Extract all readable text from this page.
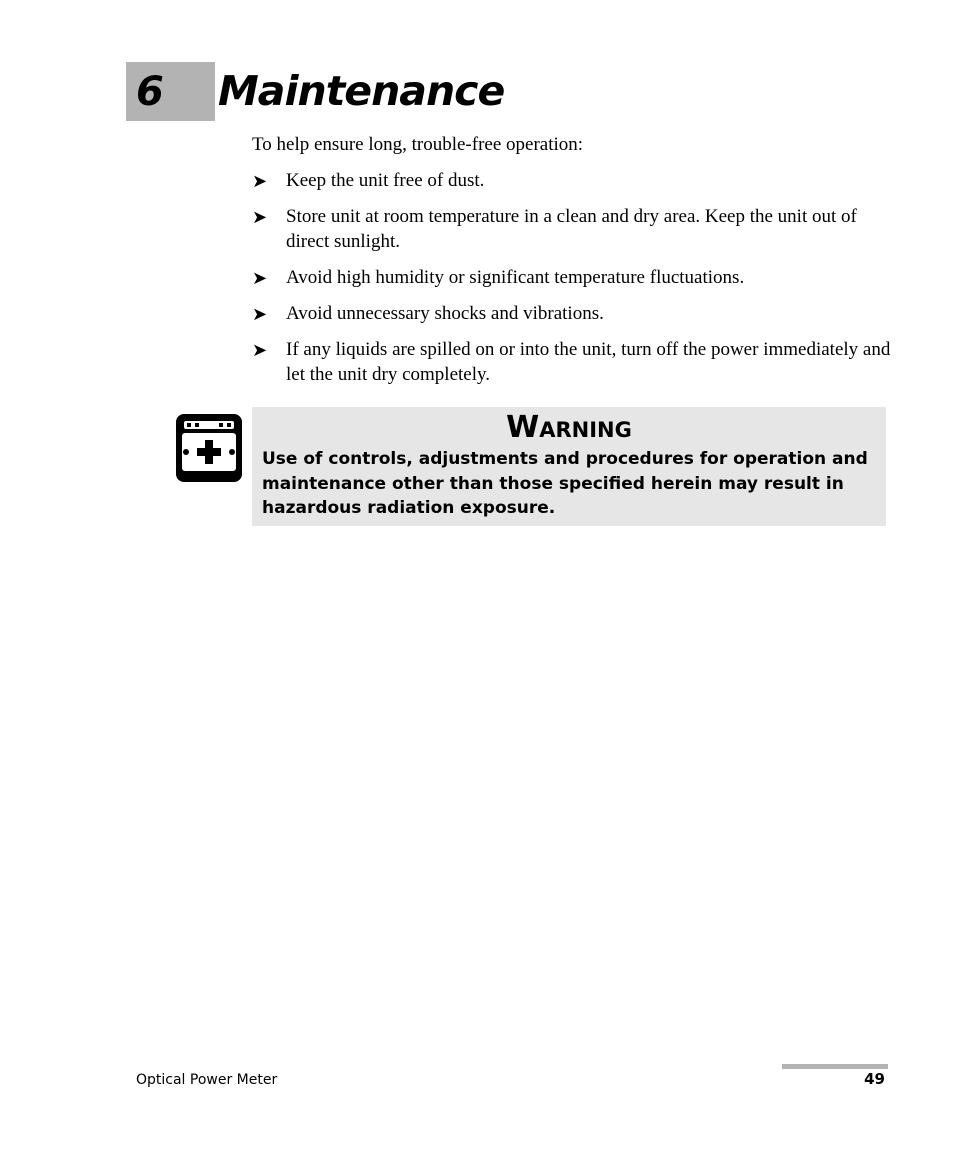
6 Maintenance

To help ensure long, trouble-free operation:

➤ Keep the unit free of dust.
➤ Store unit at room temperature in a clean and dry area. Keep the unit out of direct sunlight.
➤ Avoid high humidity or significant temperature fluctuations.
➤ Avoid unnecessary shocks and vibrations.
➤ If any liquids are spilled on or into the unit, turn off the power immediately and let the unit dry completely.
Warning

Use of controls, adjustments and procedures for operation and maintenance other than those specified herein may result in hazardous radiation exposure.

Optical Power Meter	49
